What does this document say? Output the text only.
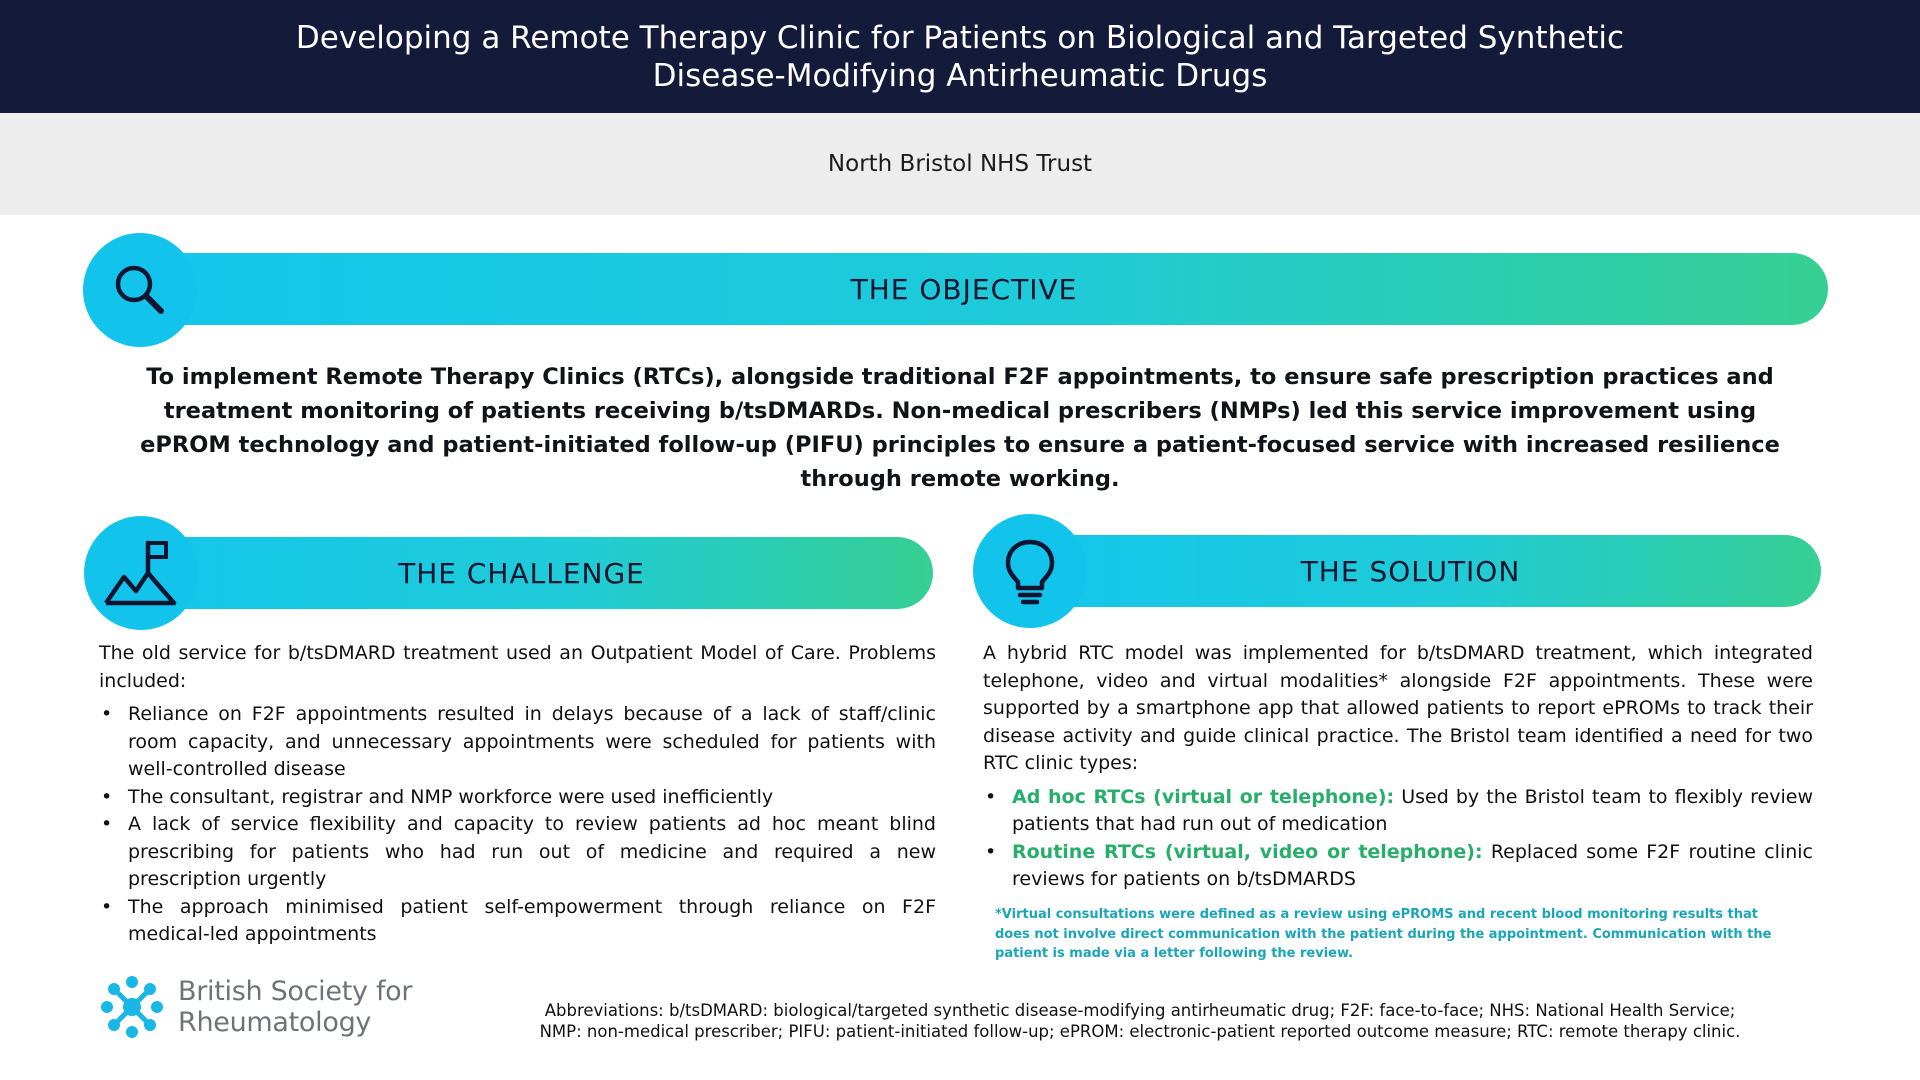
Developing a Remote Therapy Clinic for Patients on Biological and Targeted Synthetic
Disease-Modifying Antirheumatic Drugs
North Bristol NHS Trust
THE OBJECTIVE
To implement Remote Therapy Clinics (RTCs), alongside traditional F2F appointments, to ensure safe prescription practices and treatment monitoring of patients receiving b/tsDMARDs. Non-medical prescribers (NMPs) led this service improvement using ePROM technology and patient-initiated follow-up (PIFU) principles to ensure a patient-focused service with increased resilience through remote working.
THE CHALLENGE

The old service for b/tsDMARD treatment used an Outpatient Model of Care. Problems included:

• Reliance on F2F appointments resulted in delays because of a lack of staff/clinic room capacity, and unnecessary appointments were scheduled for patients with well-controlled disease
• The consultant, registrar and NMP workforce were used inefficiently
• A lack of service flexibility and capacity to review patients ad hoc meant blind prescribing for patients who had run out of medicine and required a new prescription urgently
• The approach minimised patient self-empowerment through reliance on F2F medical-led appointments
THE SOLUTION

A hybrid RTC model was implemented for b/tsDMARD treatment, which integrated telephone, video and virtual modalities* alongside F2F appointments. These were supported by a smartphone app that allowed patients to report ePROMs to track their disease activity and guide clinical practice. The Bristol team identified a need for two RTC clinic types:

• Ad hoc RTCs (virtual or telephone): Used by the Bristol team to flexibly review patients that had run out of medication
• Routine RTCs (virtual, video or telephone): Replaced some F2F routine clinic reviews for patients on b/tsDMARDS
*Virtual consultations were defined as a review using ePROMS and recent blood monitoring results that does not involve direct communication with the patient during the appointment. Communication with the patient is made via a letter following the review.
British Society for
Rheumatology	Abbreviations: b/tsDMARD: biological/targeted synthetic disease-modifying antirheumatic drug; F2F: face-to-face; NHS: National Health Service;
NMP: non-medical prescriber; PIFU: patient-initiated follow-up; ePROM: electronic-patient reported outcome measure; RTC: remote therapy clinic.
